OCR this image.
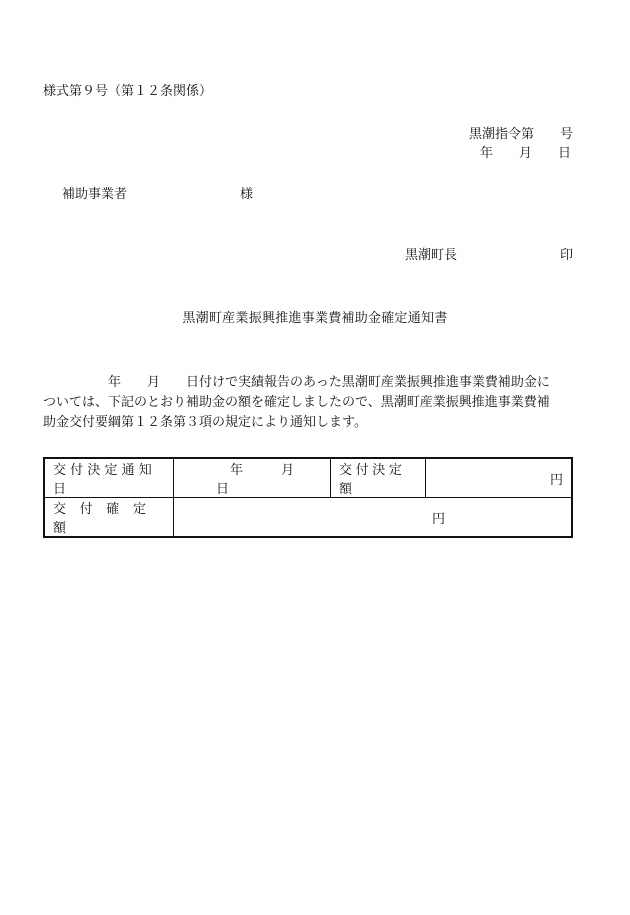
様式第９号（第１２条関係）
黒潮指令第　　号
年　　月　　日
補助事業者	様
黒潮町長	印
黒潮町産業振興推進事業費補助金確定通知書
　　　　　年　　月　　日付けで実績報告のあった黒潮町産業振興推進事業費補助金に
ついては、下記のとおり補助金の額を確定しましたので、黒潮町産業振興推進事業費補
助金交付要綱第１２条第３項の規定により通知します。
交付決定通知日	年 月 日	交付決定額	円
交付確定額	円		
